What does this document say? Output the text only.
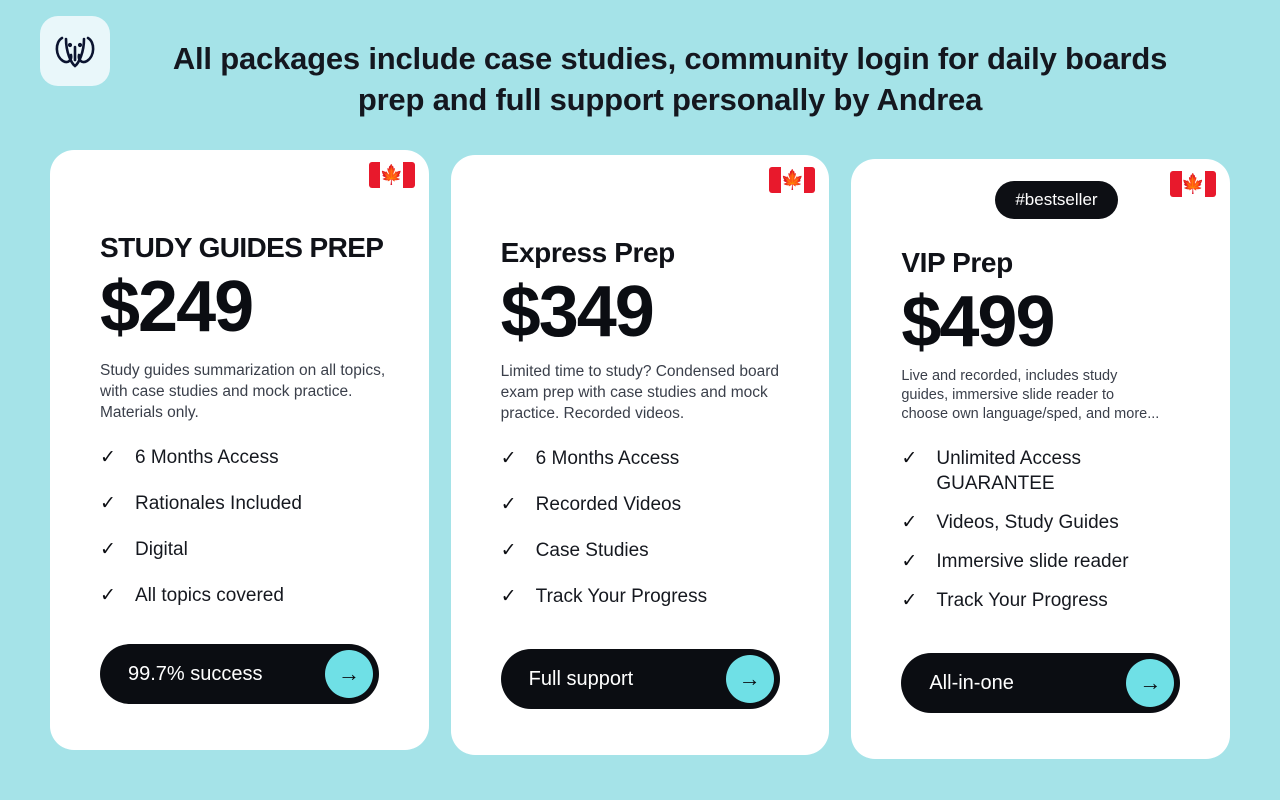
All packages include case studies, community login for daily boards prep and full support personally by Andrea
🍁
STUDY GUIDES PREP
$249
Study guides summarization on all topics, with case studies and mock practice. Materials only.
✓ 6 Months Access
✓ Rationales Included
✓ Digital
✓ All topics covered
99.7% success	→
🍁
Express Prep
$349
Limited time to study? Condensed board exam prep with case studies and mock practice. Recorded videos.
✓ 6 Months Access
✓ Recorded Videos
✓ Case Studies
✓ Track Your Progress
Full support	→
🍁
#bestseller
VIP Prep
$499
Live and recorded, includes study guides, immersive slide reader to choose own language/sped, and more...
✓ Unlimited Access GUARANTEE
✓ Videos, Study Guides
✓ Immersive slide reader
✓ Track Your Progress
All-in-one	→
